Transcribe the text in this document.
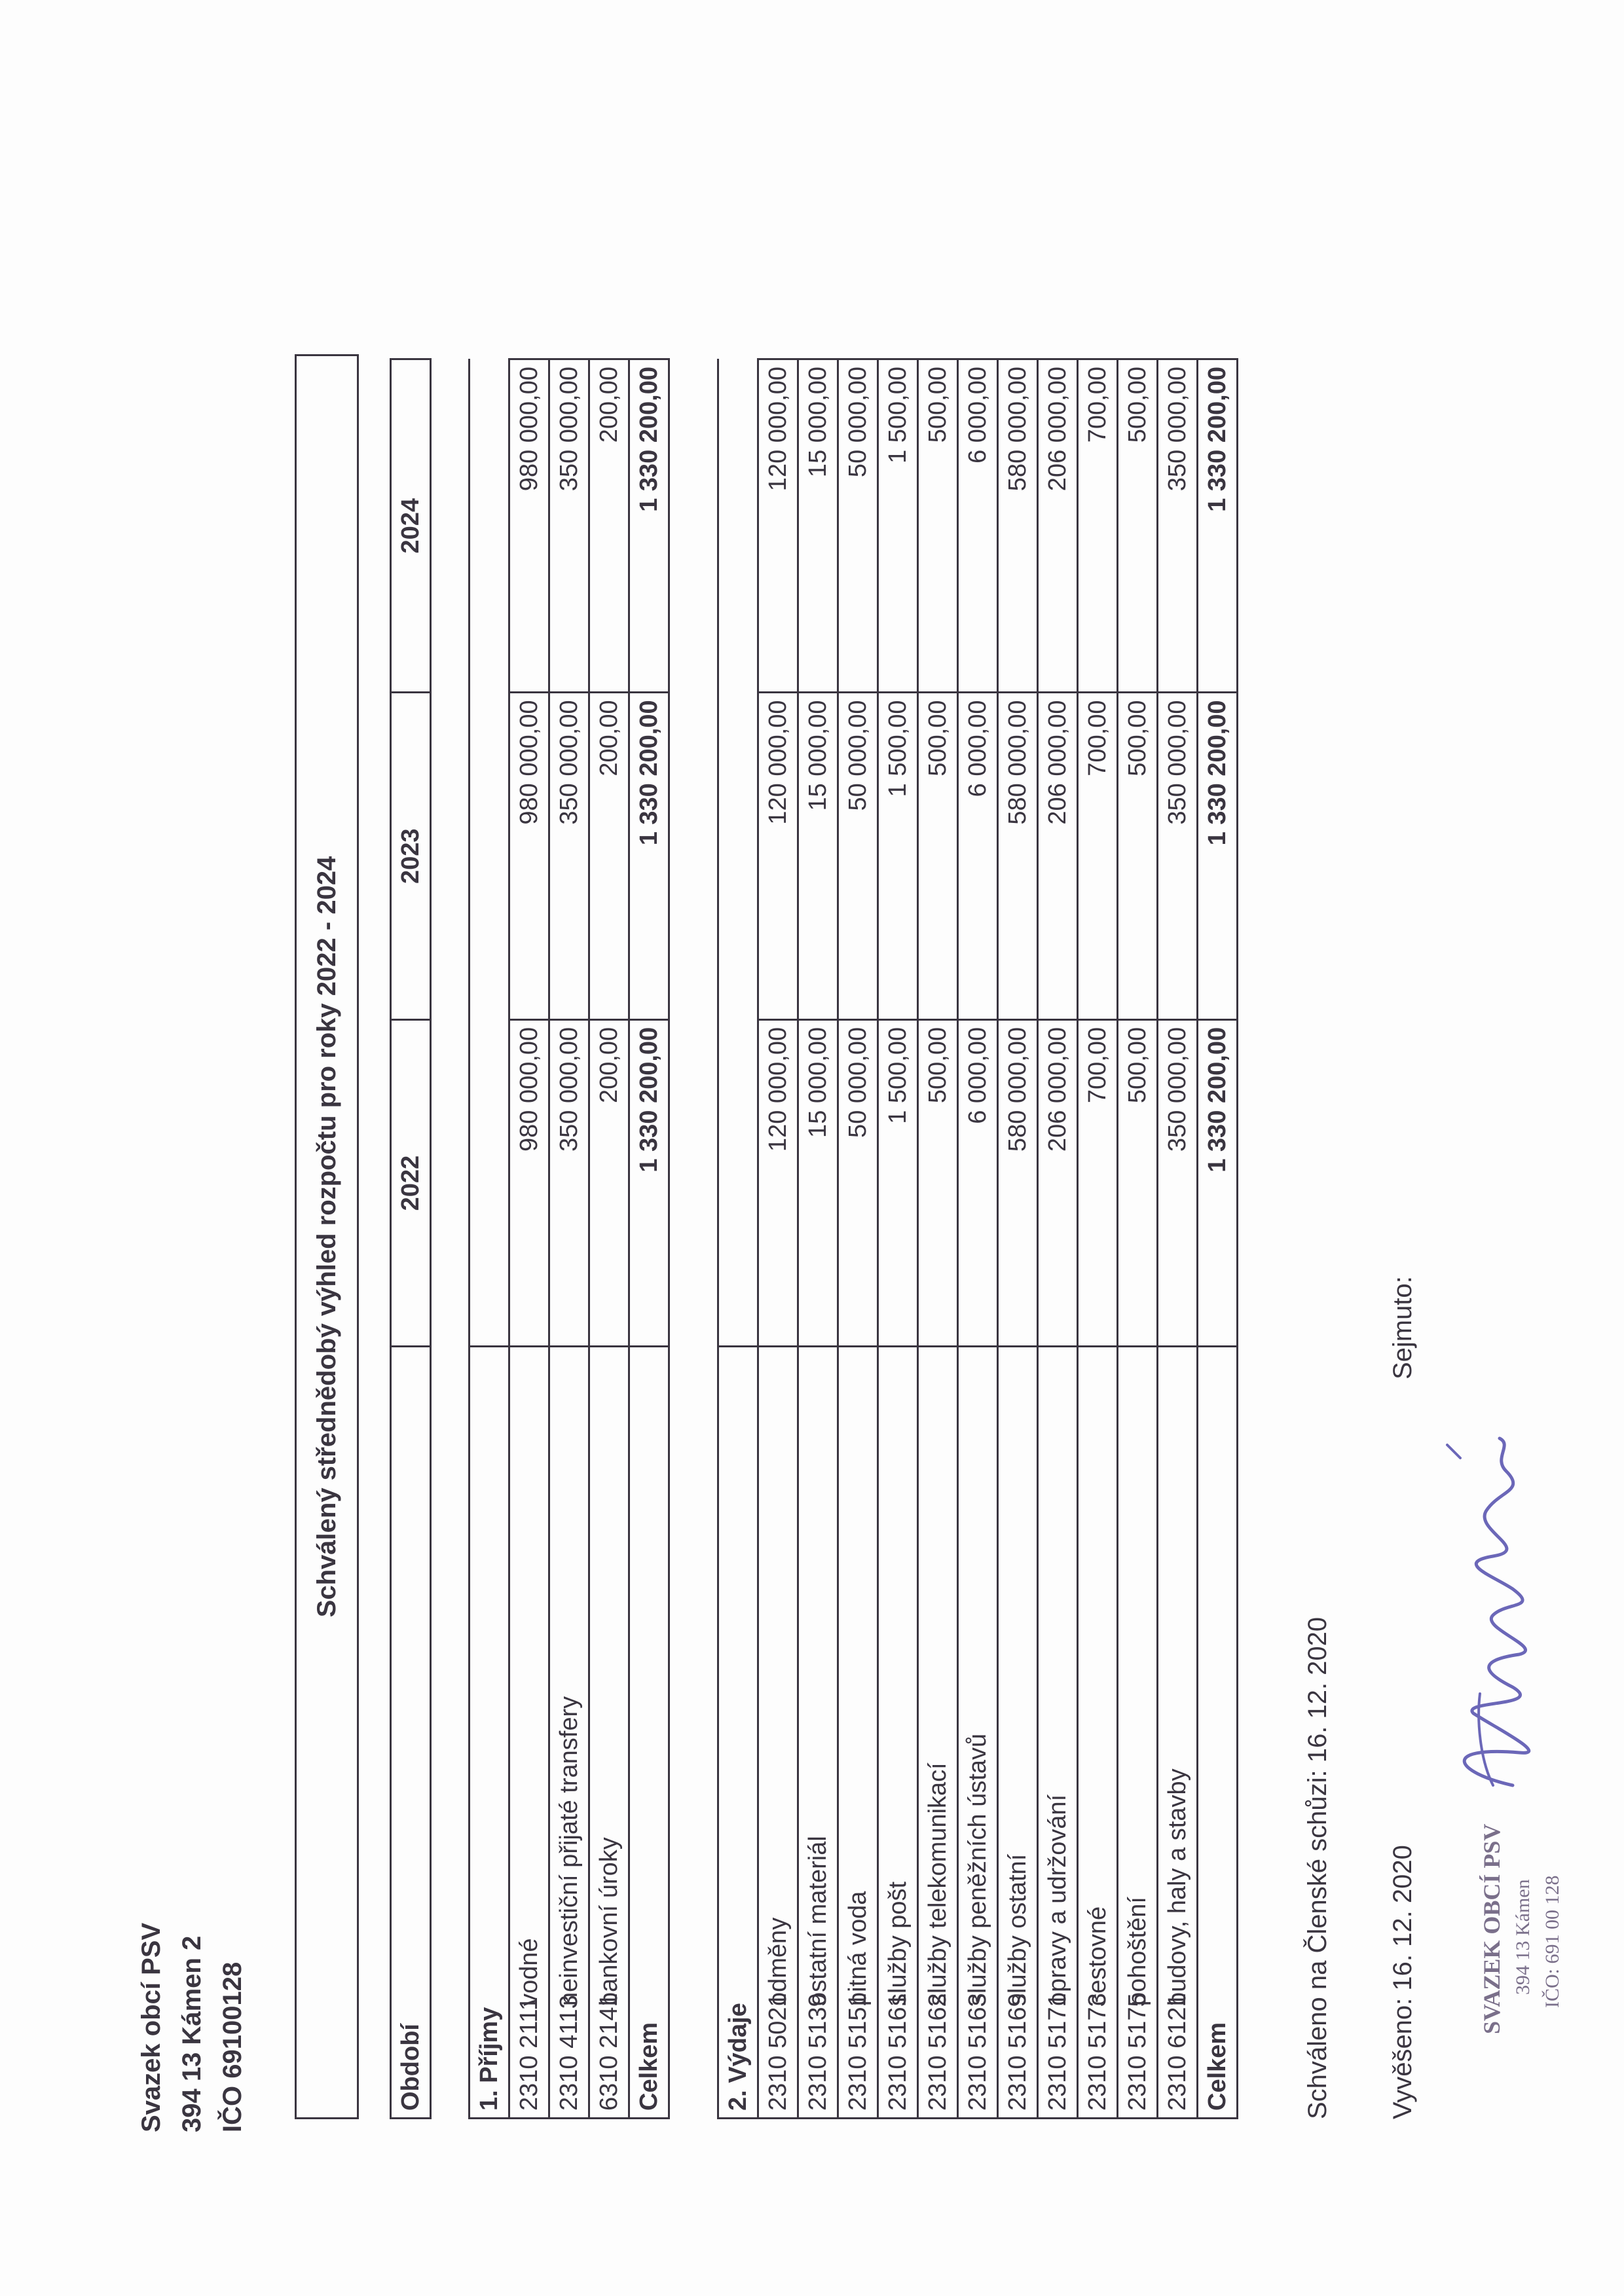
Svazek obcí PSV 394 13 Kámen 2 IČO 69100128
Schválený střednědobý výhled rozpočtu pro roky 2022 - 2024
Období	2022	2023	2024
1. Příjmy			
2310 2111vodné	980 000,00	980 000,00	980 000,00
2310 4113neinvestiční přijaté transfery	350 000,00	350 000,00	350 000,00
6310 2141bankovní úroky	200,00	200,00	200,00
Celkem	1 330 200,00	1 330 200,00	1 330 200,00
2. Výdaje			
2310 5021odměny	120 000,00	120 000,00	120 000,00
2310 5139ostatní materiál	15 000,00	15 000,00	15 000,00
2310 5151pitná voda	50 000,00	50 000,00	50 000,00
2310 5161služby pošt	1 500,00	1 500,00	1 500,00
2310 5162služby telekomunikací	500,00	500,00	500,00
2310 5163služby peněžních ústavů	6 000,00	6 000,00	6 000,00
2310 5169služby ostatní	580 000,00	580 000,00	580 000,00
2310 5171opravy a udržování	206 000,00	206 000,00	206 000,00
2310 5173cestovné	700,00	700,00	700,00
2310 5175pohoštění	500,00	500,00	500,00
2310 6121budovy, haly a stavby	350 000,00	350 000,00	350 000,00
Celkem	1 330 200,00	1 330 200,00	1 330 200,00
Schváleno na Členské schůzi: 16. 12. 2020 Vyvěšeno: 16. 12. 2020
Sejmuto:
SVAZEK OBCÍ PSV 394 13 Kámen IČO: 691 00 128
